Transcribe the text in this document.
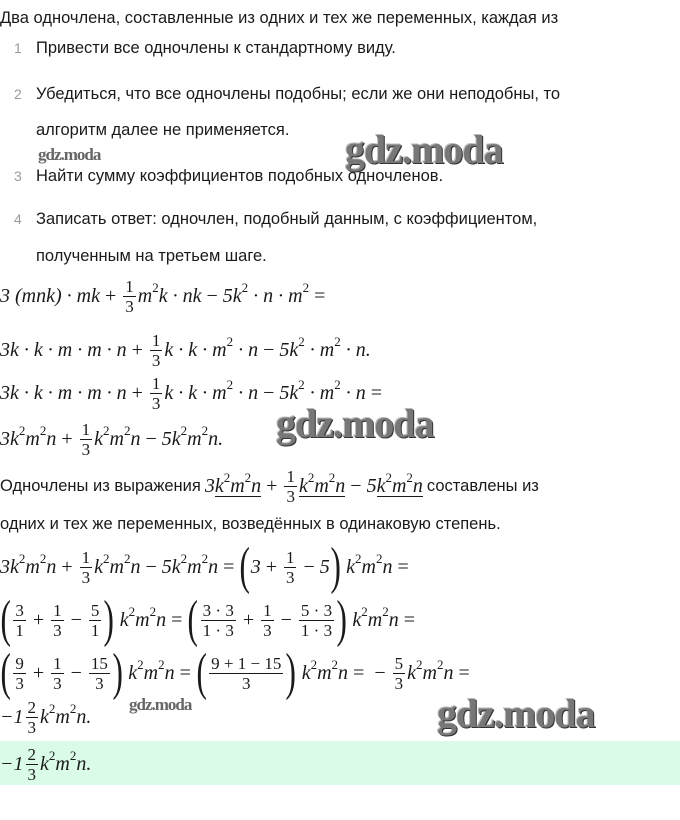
Два одночлена, составленные из одних и тех же переменных, каждая из
1 Привести все одночлены к стандартному виду.
2 Убедиться, что все одночлены подобны; если же они неподобны, то
алгоритм далее не применяется.
3 Найти сумму коэффициентов подобных одночленов.
4 Записать ответ: одночлен, подобный данным, с коэффициентом,
полученным на третьем шаге.
3 (mnk) · mk + $\frac{1}{3}$ m 2 k · nk − 5k 2 · n · m 2 =
$3k \cdot k \cdot m \cdot m \cdot n + \frac{1}{3}$ k · k · m 2 · n − 5k 2 · m 2 · n.
$3k \cdot k \cdot m \cdot m \cdot n + \frac{1}{3}$ k · k · m 2 · n − 5k 2 · m 2 · n =
3k 2 m 2 $n + \frac{1}{3}$ k 2 m 2 n − 5k 2 m 2 n.
Одночлены из выражения 3 k 2 m 2 $n + \frac{1}{3}$ k 2 m 2 n − 5 k 2 m 2 n составлены из
одних и тех же переменных, возведённых в одинаковую степень.
3k 2 m 2 $n + \frac{1}{3}$ k 2 m 2 n − 5k 2 m 2 n = ( $3 + \frac{1}{3} - 5$ ) k 2 m 2 n =
( $\frac{3}{1} + \frac{1}{3} - \frac{5}{1}$ ) k 2 m 2 n = ( $\frac{3 \cdot 3}{1 \cdot 3} + \frac{1}{3} - \frac{5 \cdot 3}{1 \cdot 3}$ ) k 2 m 2 n =
( $\frac{9}{3} + \frac{1}{3} - \frac{15}{3}$ ) k 2 m 2 n = ( $\frac{9 + 1 - 15}{3}$ ) k 2 m 2 n = − $\frac{5}{3}$ k 2 m 2 n =
$-1 \frac{2}{3}$ k 2 m 2 n.
$-1 \frac{2}{3}$ k 2 m 2 n.
gdz.moda
gdz.moda
gdz.moda
gdz.moda	gdz.moda
